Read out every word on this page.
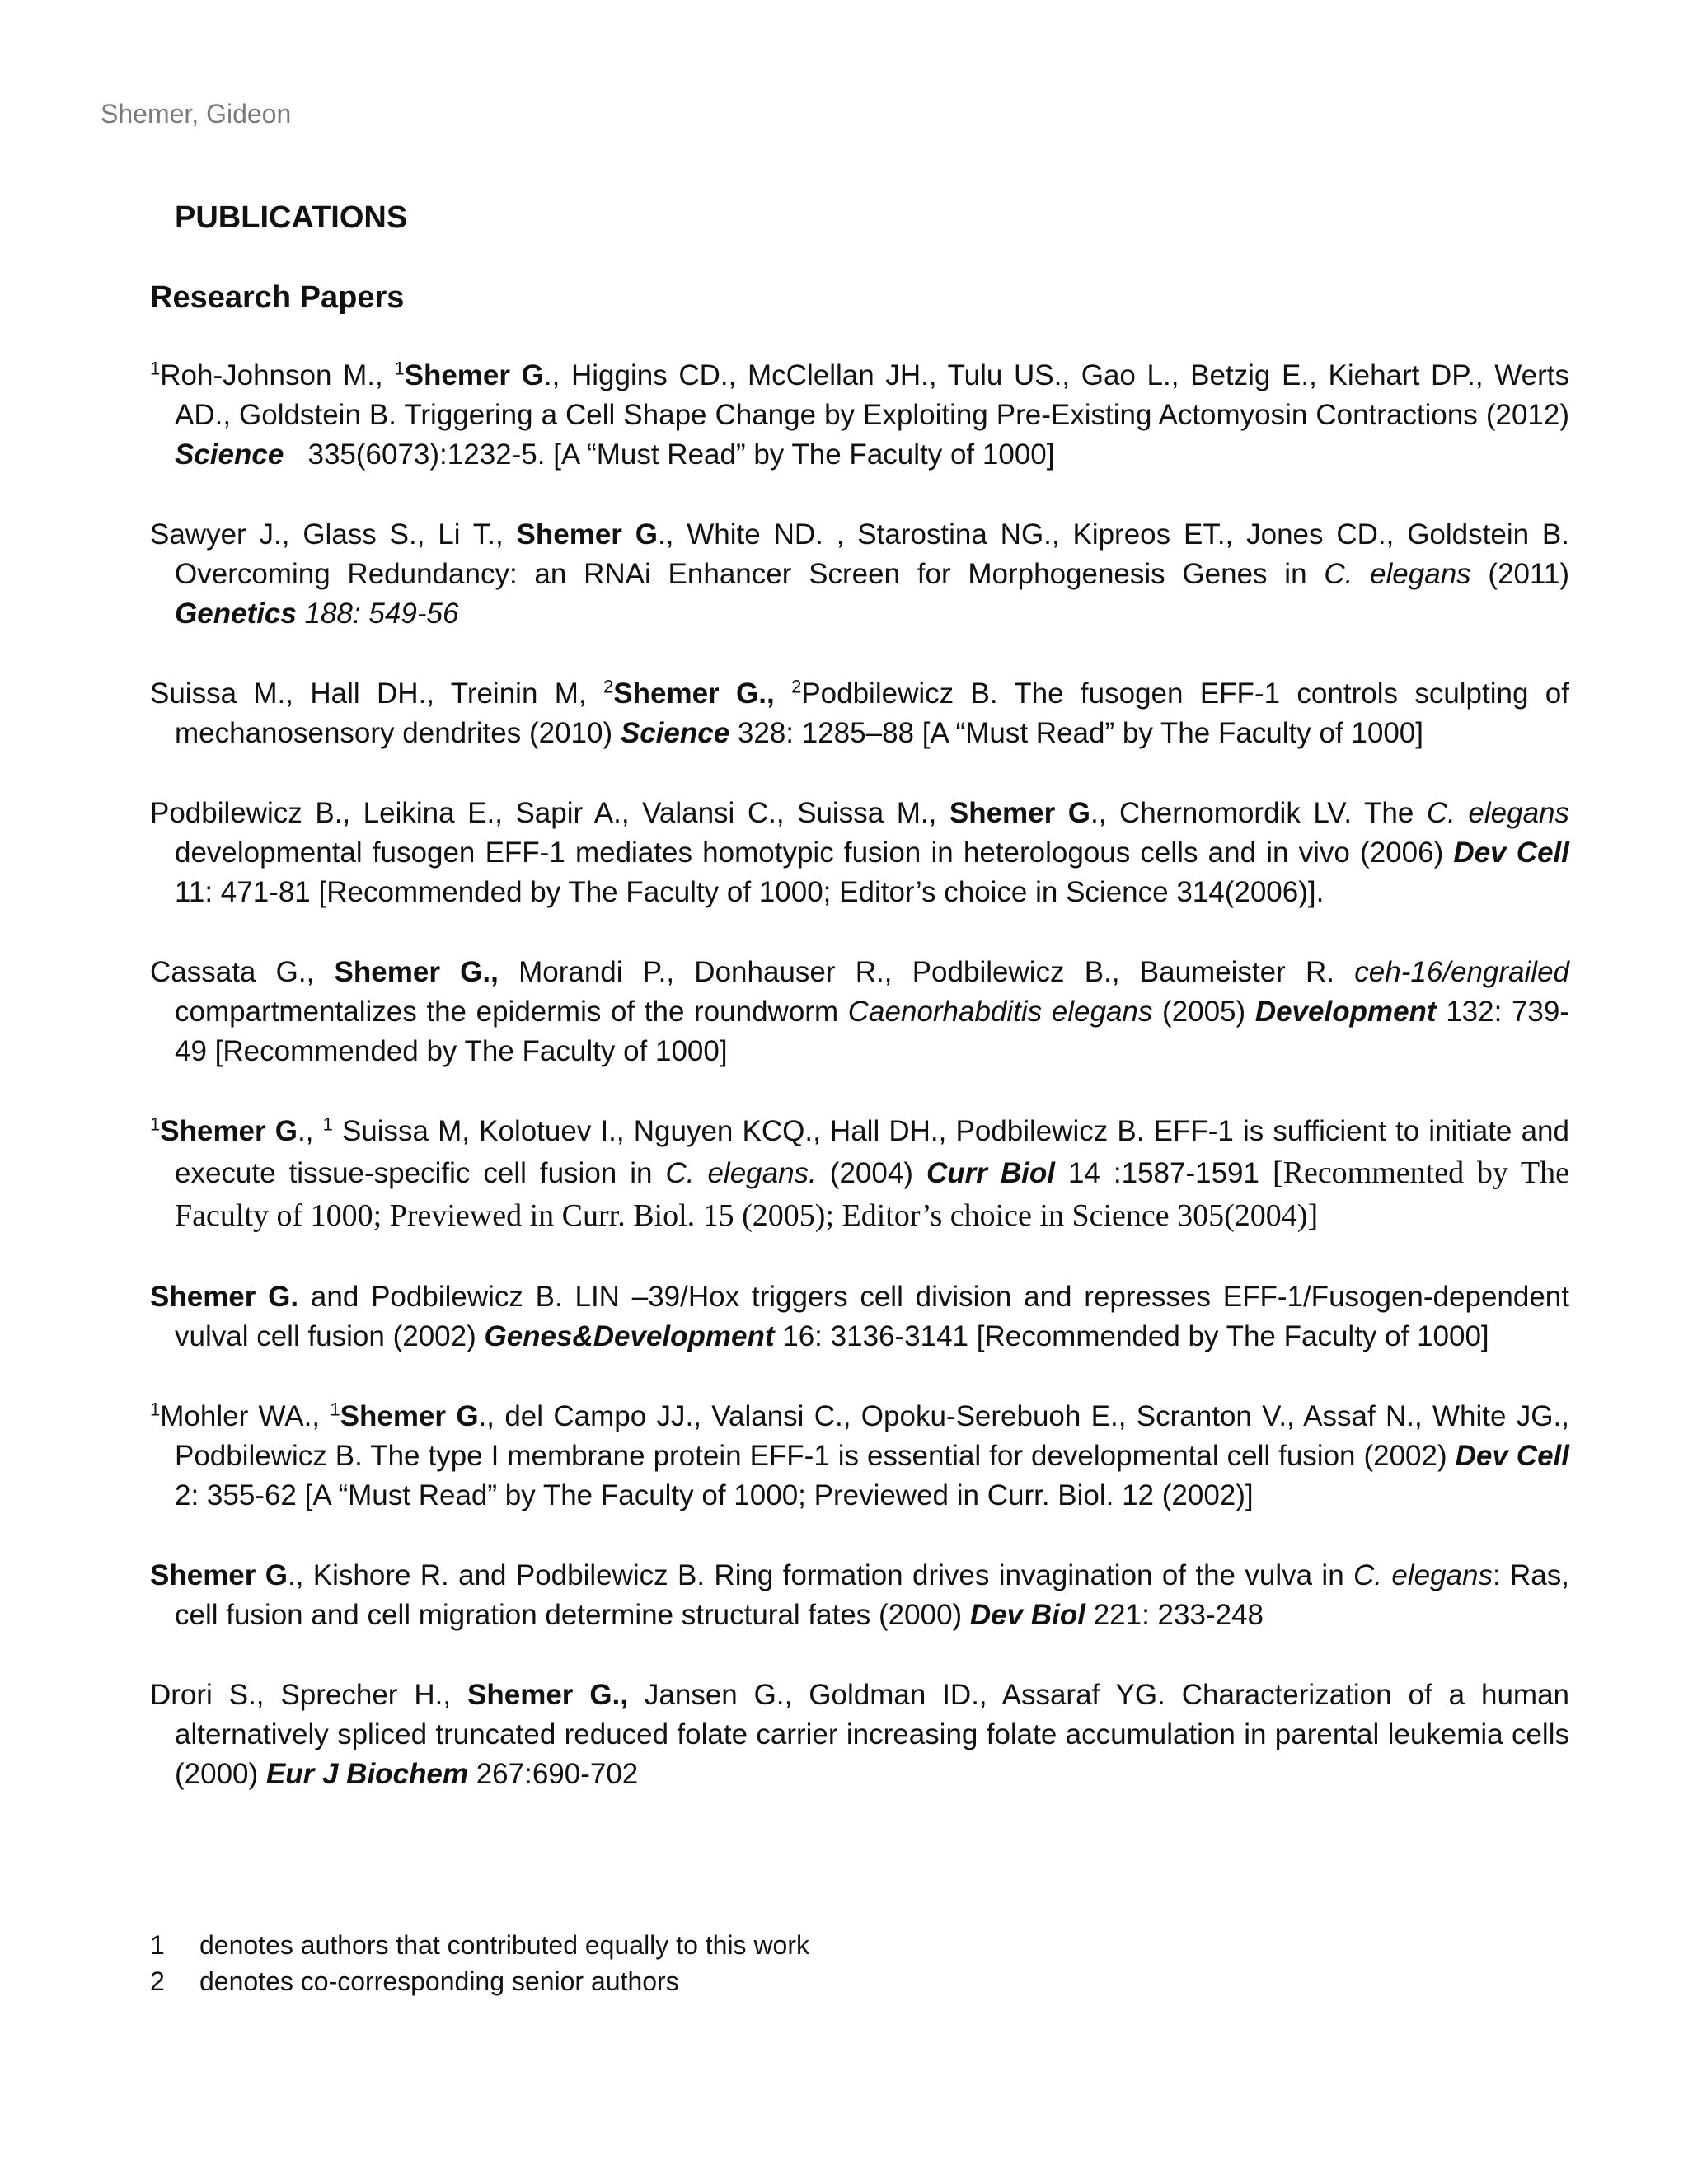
Shemer, Gideon
PUBLICATIONS
Research Papers

$^1$Roh-Johnson M., $^1$Shemer G., Higgins CD., McClellan JH., Tulu US., Gao L., Betzig E., Kiehart DP., Werts AD., Goldstein B. Triggering a Cell Shape Change by Exploiting Pre-Existing Actomyosin Contractions (2012) Science   335(6073):1232-5. [A “Must Read” by The Faculty of 1000]

Sawyer J., Glass S., Li T., Shemer G., White ND. , Starostina NG., Kipreos ET., Jones CD., Goldstein B. Overcoming Redundancy: an RNAi Enhancer Screen for Morphogenesis Genes in C. elegans (2011) Genetics 188: 549-56

Suissa M., Hall DH., Treinin M, $^2$Shemer G., $^2$Podbilewicz B. The fusogen EFF-1 controls sculpting of mechanosensory dendrites (2010) Science 328: 1285–88 [A “Must Read” by The Faculty of 1000]

Podbilewicz B., Leikina E., Sapir A., Valansi C., Suissa M., Shemer G., Chernomordik LV. The C. elegans developmental fusogen EFF-1 mediates homotypic fusion in heterologous cells and in vivo (2006) Dev Cell 11: 471-81 [Recommended by The Faculty of 1000; Editor’s choice in Science 314(2006)].

Cassata G., Shemer G., Morandi P., Donhauser R., Podbilewicz B., Baumeister R. ceh-16/engrailed compartmentalizes the epidermis of the roundworm Caenorhabditis elegans (2005) Development 132: 739-49 [Recommended by The Faculty of 1000]

$^1$Shemer G., $^1$ Suissa M, Kolotuev I., Nguyen KCQ., Hall DH., Podbilewicz B. EFF-1 is sufficient to initiate and execute tissue-specific cell fusion in C. elegans. (2004) Curr Biol 14 :1587-1591 [Recommented by The Faculty of 1000; Previewed in Curr. Biol. 15 (2005); Editor’s choice in Science 305(2004)]

Shemer G. and Podbilewicz B. LIN –39/Hox triggers cell division and represses EFF-1/Fusogen-dependent vulval cell fusion (2002) Genes&Development 16: 3136-3141 [Recommended by The Faculty of 1000]

$^1$Mohler WA., $^1$Shemer G., del Campo JJ., Valansi C., Opoku-Serebuoh E., Scranton V., Assaf N., White JG., Podbilewicz B. The type I membrane protein EFF-1 is essential for developmental cell fusion (2002) Dev Cell 2: 355-62 [A “Must Read” by The Faculty of 1000; Previewed in Curr. Biol. 12 (2002)]

Shemer G., Kishore R. and Podbilewicz B. Ring formation drives invagination of the vulva in C. elegans: Ras, cell fusion and cell migration determine structural fates (2000) Dev Biol 221: 233-248

Drori S., Sprecher H., Shemer G., Jansen G., Goldman ID., Assaraf YG. Characterization of a human alternatively spliced truncated reduced folate carrier increasing folate accumulation in parental leukemia cells (2000) Eur J Biochem 267:690-702

1	denotes authors that contributed equally to this work
2	denotes co-corresponding senior authors
